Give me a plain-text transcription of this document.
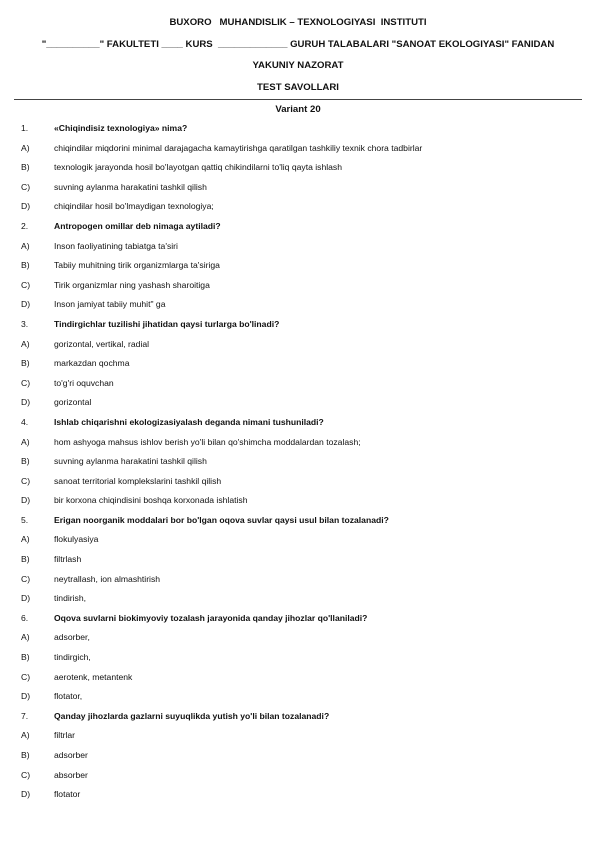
BUXORO   MUHANDISLIK – TEXNOLOGIYASI  INSTITUTI
"__________" FAKULTETI ____ KURS  _____________ GURUH TALABALARI "SANOAT EKOLOGIYASI" FANIDAN
YAKUNIY NAZORAT
TEST SAVOLLARI
Variant 20
1.	«Chiqindisiz texnologiya» nima?
A)	chiqindilar miqdorini minimal darajagacha kamaytirishga qaratilgan tashkiliy texnik chora tadbirlar
B)	texnologik jarayonda hosil bo'layotgan qattiq chikindilarni to'liq qayta ishlash
C)	suvning aylanma harakatini tashkil qilish
D)	chiqindilar hosil bo'lmaydigan texnologiya;
2.	Antropogen omillar deb nimaga aytiladi?
A)	Inson faoliyatining tabiatga ta'siri
B)	Tabiiy muhitning tirik organizmlarga ta'siriga
C)	Tirik organizmlar ning yashash sharoitiga
D)	Inson jamiyat tabiiy muhit" ga
3.	Tindirgichlar tuzilishi jihatidan qaysi turlarga bo'linadi?
A)	gorizontal, vertikal, radial
B)	markazdan qochma
C)	to'g'ri oquvchan
D)	gorizontal
4.	Ishlab chiqarishni ekologizasiyalash deganda nimani tushuniladi?
A)	hom ashyoga mahsus ishlov berish yo'li bilan qo'shimcha moddalardan tozalash;
B)	suvning aylanma harakatini tashkil qilish
C)	sanoat territorial komplekslarini tashkil qilish
D)	bir korxona chiqindisini boshqa korxonada ishlatish
5.	Erigan noorganik moddalari bor bo'lgan oqova suvlar qaysi usul bilan tozalanadi?
A)	flokulyasiya
B)	filtrlash
C)	neytrallash, ion almashtirish
D)	tindirish,
6.	Oqova suvlarni biokimyoviy tozalash jarayonida qanday jihozlar qo'llaniladi?
A)	adsorber,
B)	tindirgich,
C)	aerotenk, metantenk
D)	flotator,
7.	Qanday jihozlarda gazlarni suyuqlikda yutish yo'li bilan tozalanadi?
A)	filtrlar
B)	adsorber
C)	absorber
D)	flotator
